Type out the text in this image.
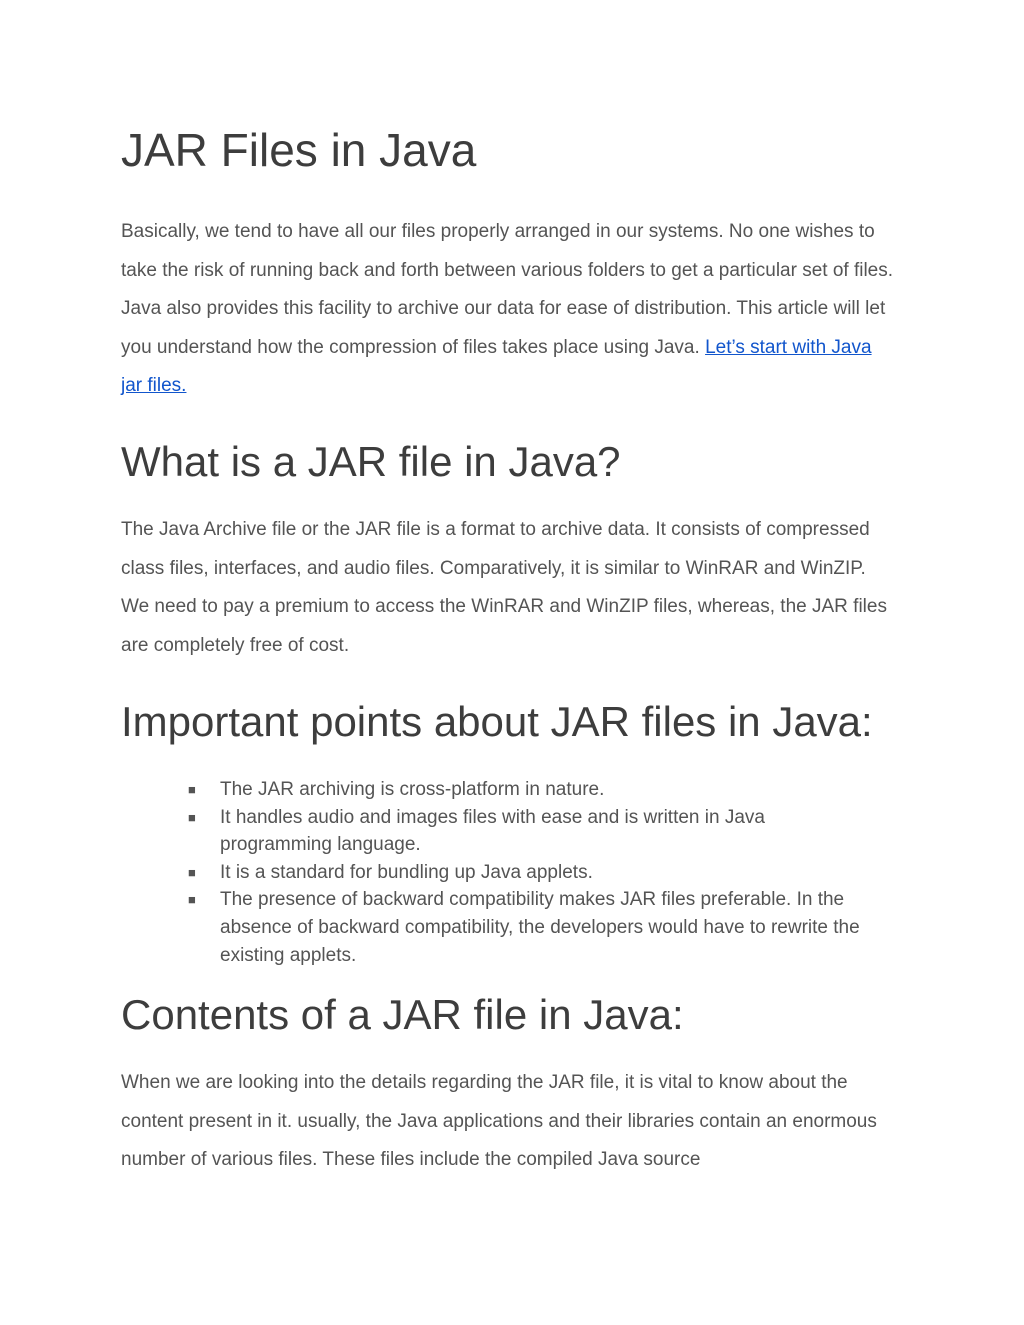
JAR Files in Java

Basically, we tend to have all our files properly arranged in our systems. No one wishes to take the risk of running back and forth between various folders to get a particular set of files. Java also provides this facility to archive our data for ease of distribution. This article will let you understand how the compression of files takes place using Java. Let’s start with Java jar files.

What is a JAR file in Java?

The Java Archive file or the JAR file is a format to archive data. It consists of compressed class files, interfaces, and audio files. Comparatively, it is similar to WinRAR and WinZIP. We need to pay a premium to access the WinRAR and WinZIP files, whereas, the JAR files are completely free of cost.

Important points about JAR files in Java:
■ The JAR archiving is cross-platform in nature.
■ It handles audio and images files with ease and is written in Java programming language.
■ It is a standard for bundling up Java applets.
■ The presence of backward compatibility makes JAR files preferable. In the absence of backward compatibility, the developers would have to rewrite the existing applets.
Contents of a JAR file in Java:

When we are looking into the details regarding the JAR file, it is vital to know about the content present in it. usually, the Java applications and their libraries contain an enormous number of various files. These files include the compiled Java source
